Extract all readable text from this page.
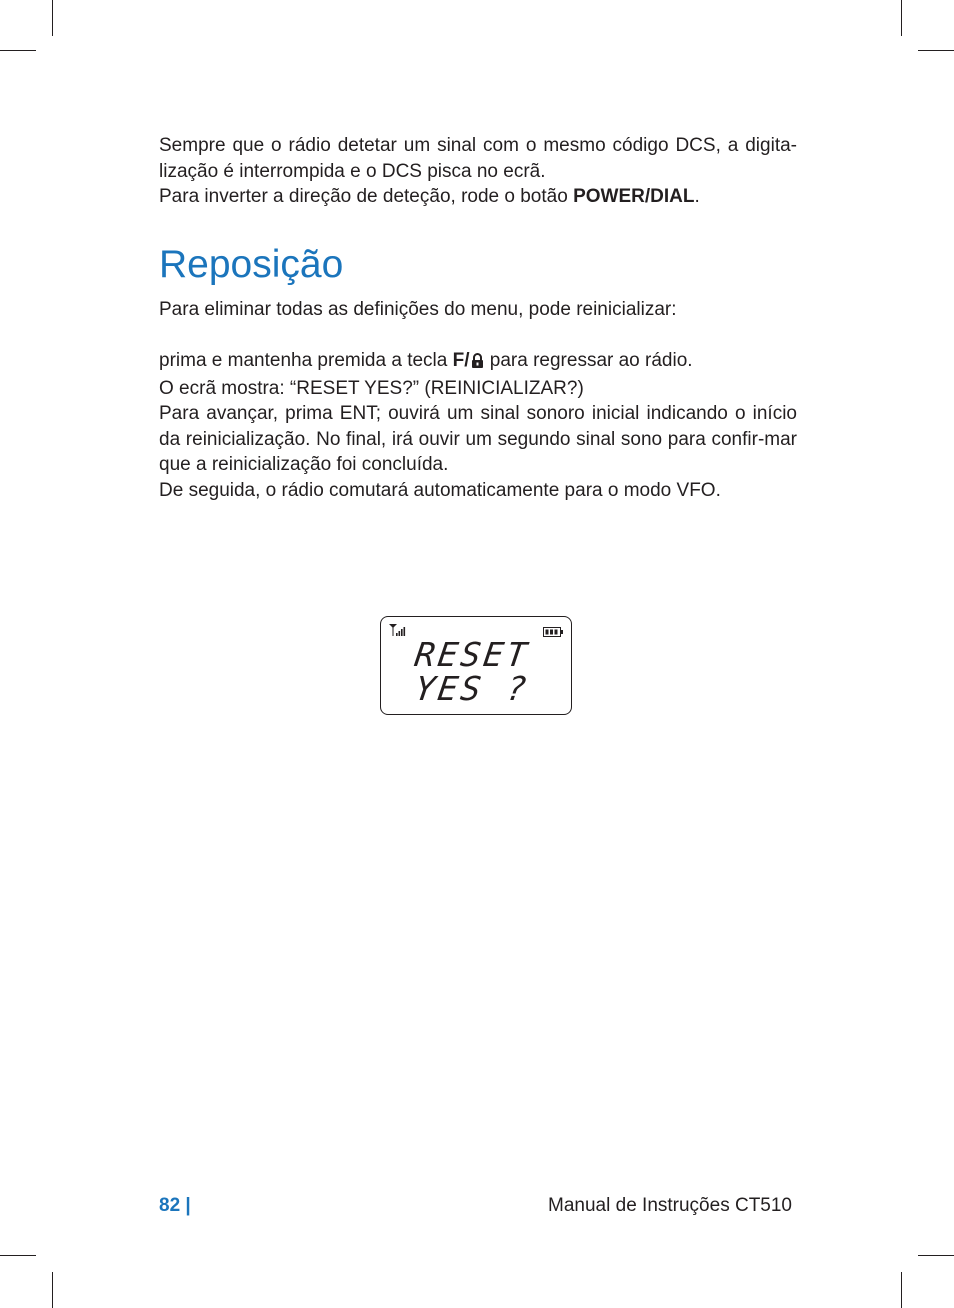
Sempre que o rádio detetar um sinal com o mesmo código DCS, a digita-lização é interrompida e o DCS pisca no ecrã.

Para inverter a direção de deteção, rode o botão POWER/DIAL.

Reposição

Para eliminar todas as definições do menu, pode reinicializar:

prima e mantenha premida a tecla F/ para regressar ao rádio.

O ecrã mostra: “RESET YES?” (REINICIALIZAR?)

Para avançar, prima ENT; ouvirá um sinal sonoro inicial indicando o início da reinicialização. No final, irá ouvir um segundo sinal sono para confir-mar que a reinicialização foi concluída.

De seguida, o rádio comutará automaticamente para o modo VFO.

RESET
YES ?
82 |	Manual de Instruções CT510
